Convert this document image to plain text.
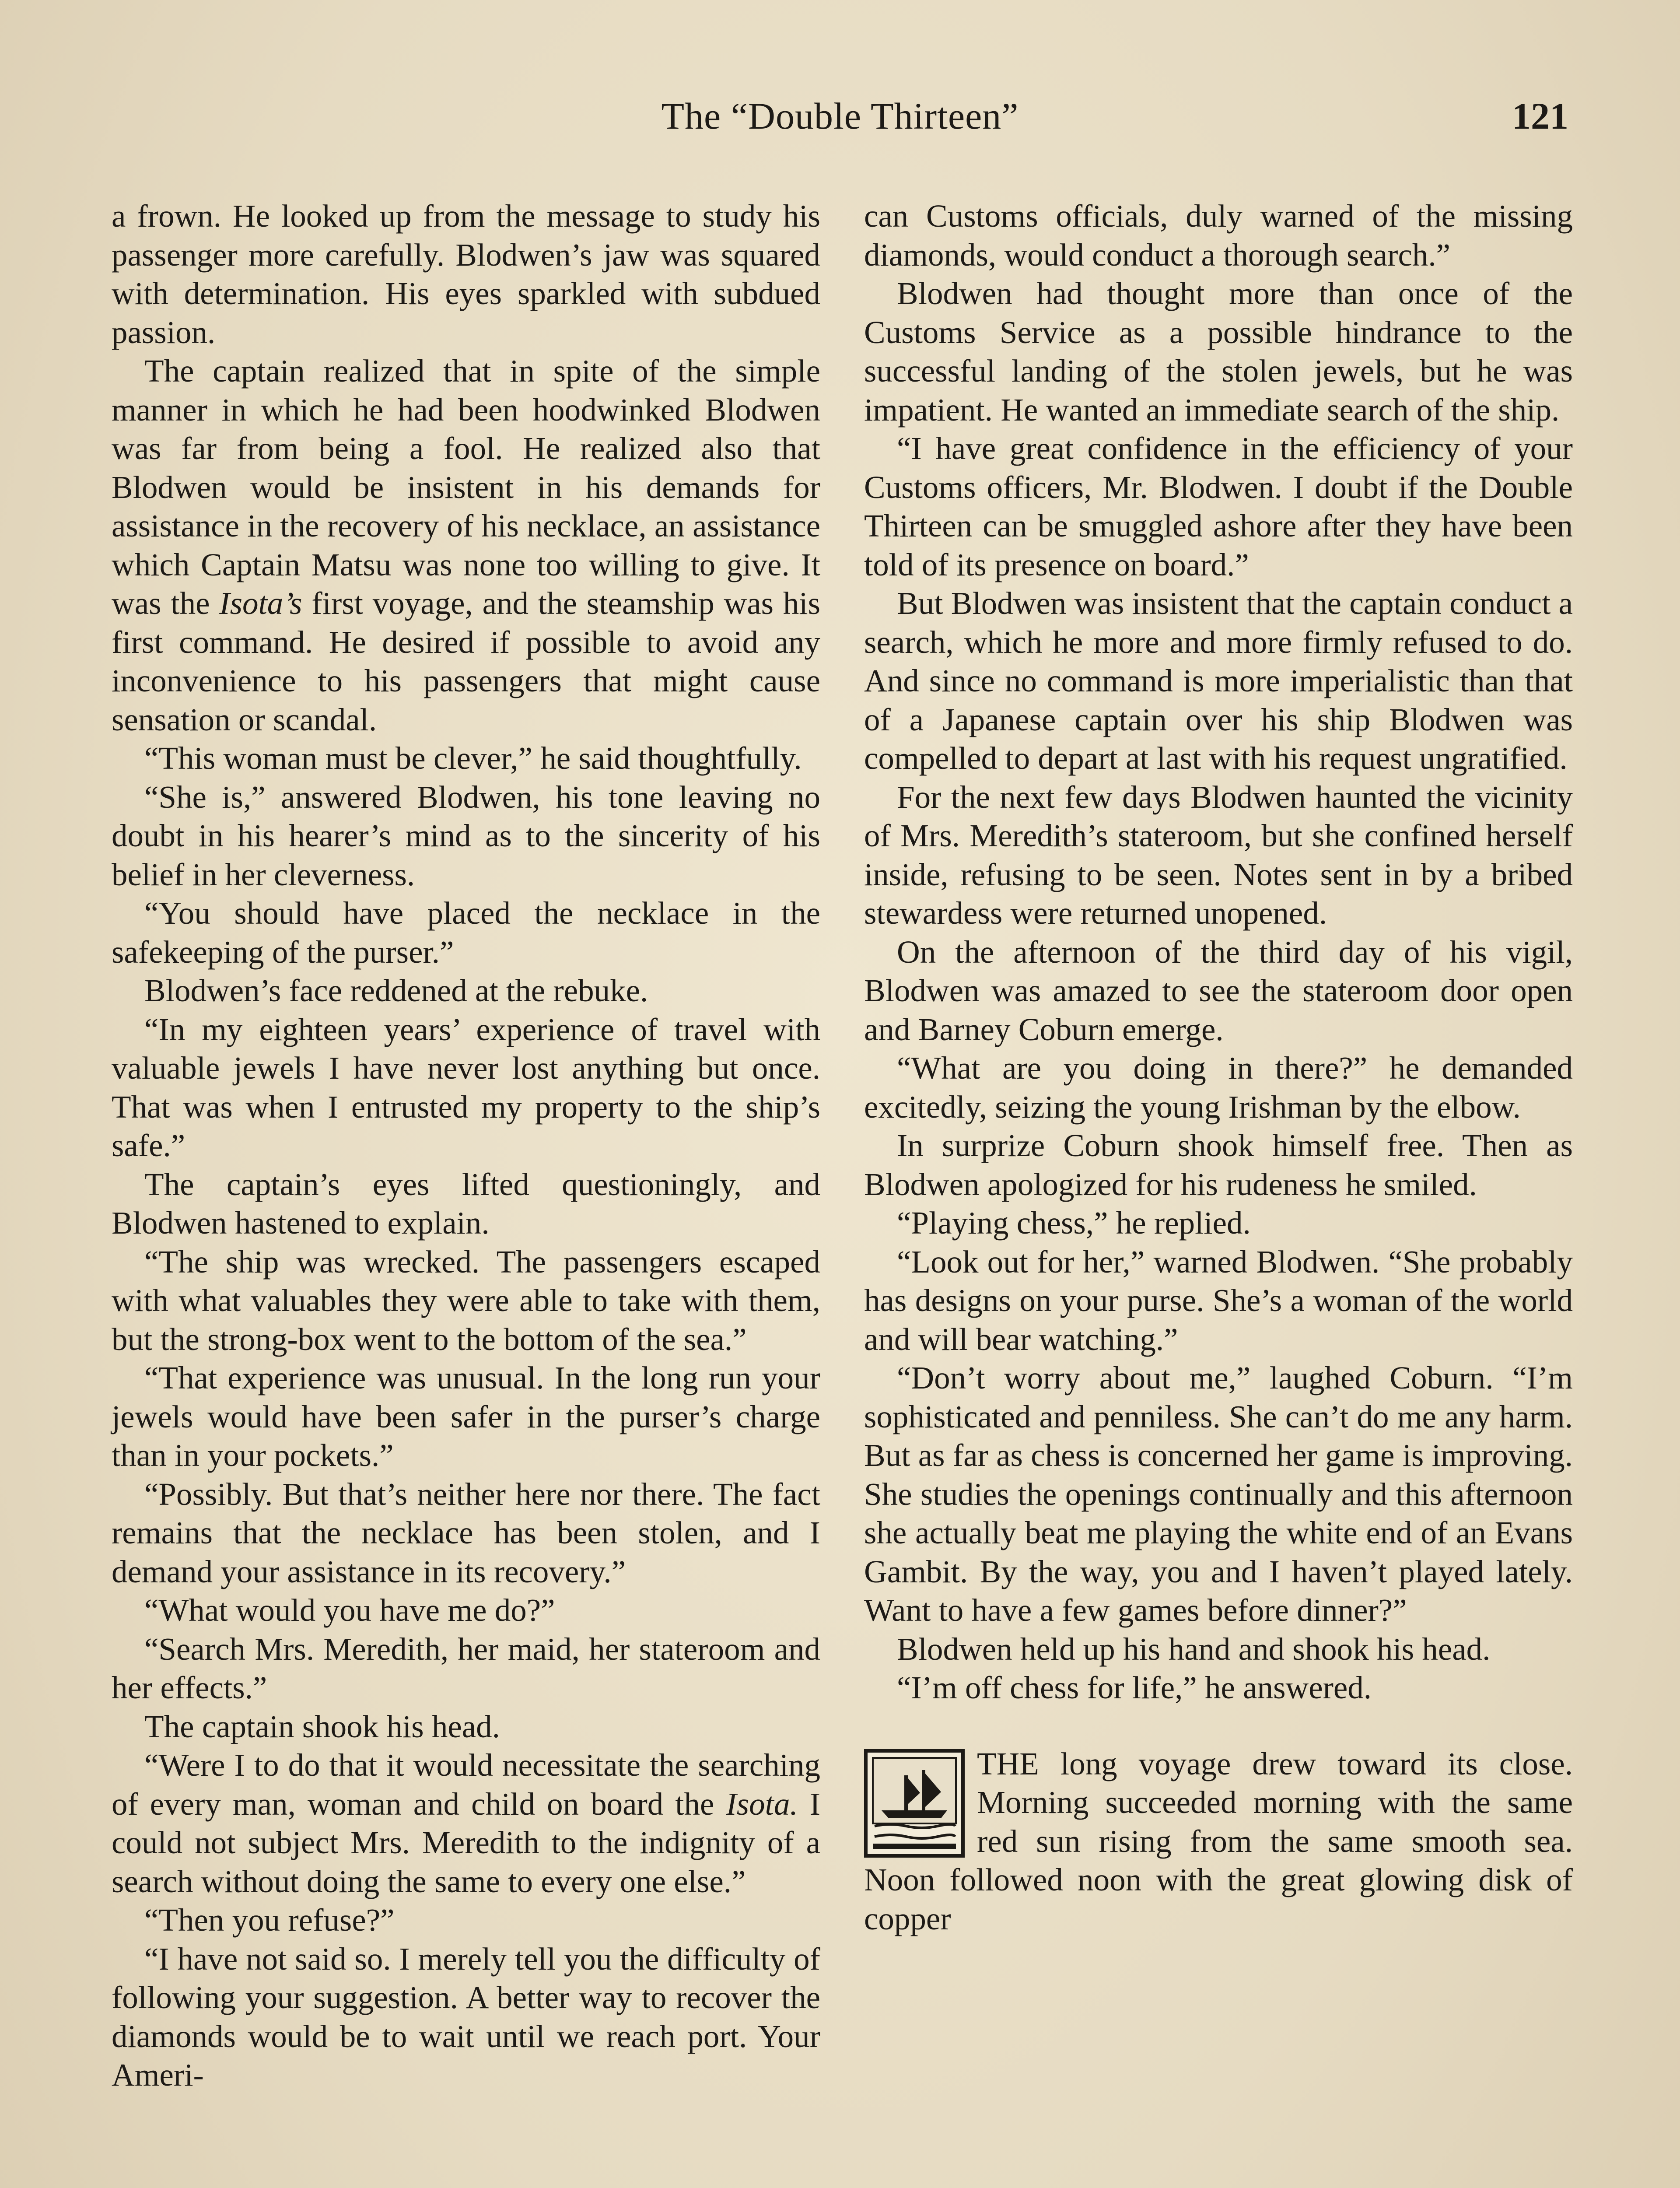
The “Double Thirteen”	121

a frown. He looked up from the message to study his passenger more carefully. Blodwen’s jaw was squared with determination. His eyes sparkled with subdued passion.

The captain realized that in spite of the simple manner in which he had been hoodwinked Blodwen was far from being a fool. He realized also that Blodwen would be insistent in his demands for assistance in the recovery of his necklace, an assistance which Captain Matsu was none too willing to give. It was the Isota’s first voyage, and the steamship was his first command. He desired if possible to avoid any inconvenience to his passengers that might cause sensation or scandal.

“This woman must be clever,” he said thoughtfully.

“She is,” answered Blodwen, his tone leaving no doubt in his hearer’s mind as to the sincerity of his belief in her cleverness.

“You should have placed the necklace in the safekeeping of the purser.”

Blodwen’s face reddened at the rebuke.

“In my eighteen years’ experience of travel with valuable jewels I have never lost anything but once. That was when I entrusted my property to the ship’s safe.”

The captain’s eyes lifted questioningly, and Blodwen hastened to explain.

“The ship was wrecked. The passengers escaped with what valuables they were able to take with them, but the strong-box went to the bottom of the sea.”

“That experience was unusual. In the long run your jewels would have been safer in the purser’s charge than in your pockets.”

“Possibly. But that’s neither here nor there. The fact remains that the necklace has been stolen, and I demand your assistance in its recovery.”

“What would you have me do?”

“Search Mrs. Meredith, her maid, her stateroom and her effects.”

The captain shook his head.

“Were I to do that it would necessitate the searching of every man, woman and child on board the Isota. I could not subject Mrs. Meredith to the indignity of a search without doing the same to every one else.”

“Then you refuse?”

“I have not said so. I merely tell you the difficulty of following your suggestion. A better way to recover the diamonds would be to wait until we reach port. Your Ameri-

can Customs officials, duly warned of the missing diamonds, would conduct a thorough search.”

Blodwen had thought more than once of the Customs Service as a possible hindrance to the successful landing of the stolen jewels, but he was impatient. He wanted an immediate search of the ship.

“I have great confidence in the efficiency of your Customs officers, Mr. Blodwen. I doubt if the Double Thirteen can be smuggled ashore after they have been told of its presence on board.”

But Blodwen was insistent that the captain conduct a search, which he more and more firmly refused to do. And since no command is more imperialistic than that of a Japanese captain over his ship Blodwen was compelled to depart at last with his request ungratified.

For the next few days Blodwen haunted the vicinity of Mrs. Meredith’s stateroom, but she confined herself inside, refusing to be seen. Notes sent in by a bribed stewardess were returned unopened.

On the afternoon of the third day of his vigil, Blodwen was amazed to see the stateroom door open and Barney Coburn emerge.

“What are you doing in there?” he demanded excitedly, seizing the young Irishman by the elbow.

In surprize Coburn shook himself free. Then as Blodwen apologized for his rudeness he smiled.

“Playing chess,” he replied.

“Look out for her,” warned Blodwen. “She probably has designs on your purse. She’s a woman of the world and will bear watching.”

“Don’t worry about me,” laughed Coburn. “I’m sophisticated and penniless. She can’t do me any harm. But as far as chess is concerned her game is improving. She studies the openings continually and this afternoon she actually beat me playing the white end of an Evans Gambit. By the way, you and I haven’t played lately. Want to have a few games before dinner?”

Blodwen held up his hand and shook his head.

“I’m off chess for life,” he answered.

THE long voyage drew toward its close. Morning succeeded morning with the same red sun rising from the same smooth sea. Noon followed noon with the great glowing disk of copper
